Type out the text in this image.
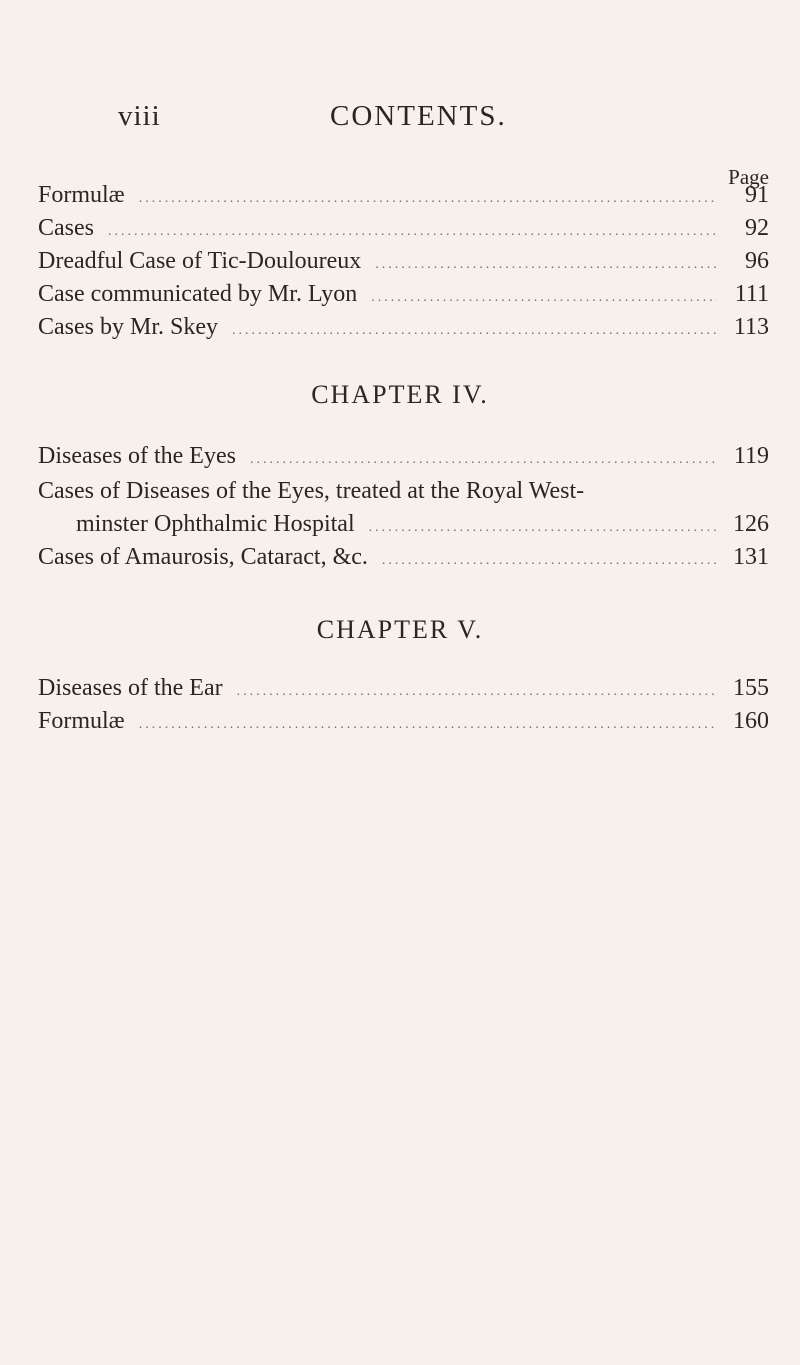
viii	CONTENTS.
Page
Formulæ .....	91
Cases .....	92
Dreadful Case of Tic-Douloureux .....	96
Case communicated by Mr. Lyon .....	111
Cases by Mr. Skey .....	113
CHAPTER IV.
Diseases of the Eyes .....	119
Cases of Diseases of the Eyes, treated at the Royal West-
minster Ophthalmic Hospital .....	126
Cases of Amaurosis, Cataract, &c. .....	131
CHAPTER V.
Diseases of the Ear .....	155
Formulæ .....	160
